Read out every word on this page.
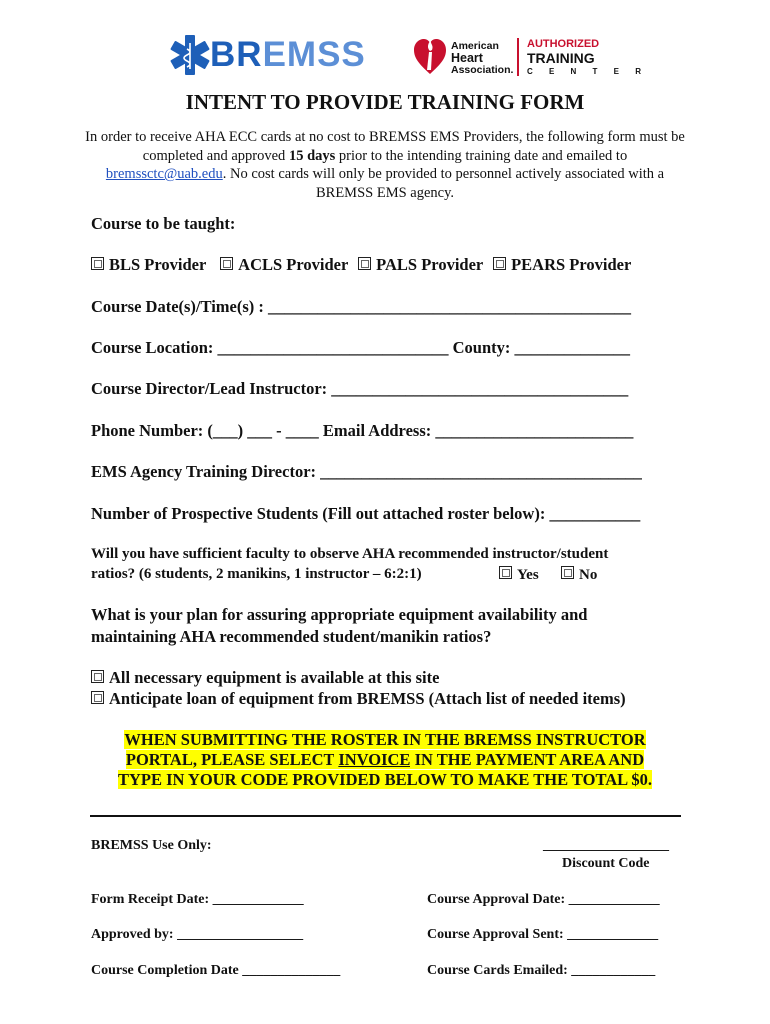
BREMSS	American
Heart
Association.
AUTHORIZED
TRAINING
C E N T E R
INTENT TO PROVIDE TRAINING FORM
In order to receive AHA ECC cards at no cost to BREMSS EMS Providers, the following form must be completed and approved 15 days prior to the intending training date and emailed to bremssctc@uab.edu. No cost cards will only be provided to personnel actively associated with a BREMSS EMS agency.
Course to be taught:
BLS Provider ACLS Provider PALS Provider PEARS Provider
Course Date(s)/Time(s) : ____________________________________________
Course Location: ____________________________ County: ______________
Course Director/Lead Instructor: ____________________________________
Phone Number: (___) ___ - ____ Email Address: ________________________
EMS Agency Training Director: _______________________________________
Number of Prospective Students (Fill out attached roster below): ___________
Will you have sufficient faculty to observe AHA recommended instructor/student
ratios? (6 students, 2 manikins, 1 instructor – 6:2:1)	Yes	No
What is your plan for assuring appropriate equipment availability and
maintaining AHA recommended student/manikin ratios?
All necessary equipment is available at this site
Anticipate loan of equipment from BREMSS (Attach list of needed items)
WHEN SUBMITTING THE ROSTER IN THE BREMSS INSTRUCTOR
PORTAL, PLEASE SELECT INVOICE IN THE PAYMENT AREA AND
TYPE IN YOUR CODE PROVIDED BELOW TO MAKE THE TOTAL $0.
BREMSS Use Only:	__________________
Discount Code
Form Receipt Date: _____________	Course Approval Date: _____________
Approved by: __________________	Course Approval Sent: _____________
Course Completion Date ______________	Course Cards Emailed: ____________
